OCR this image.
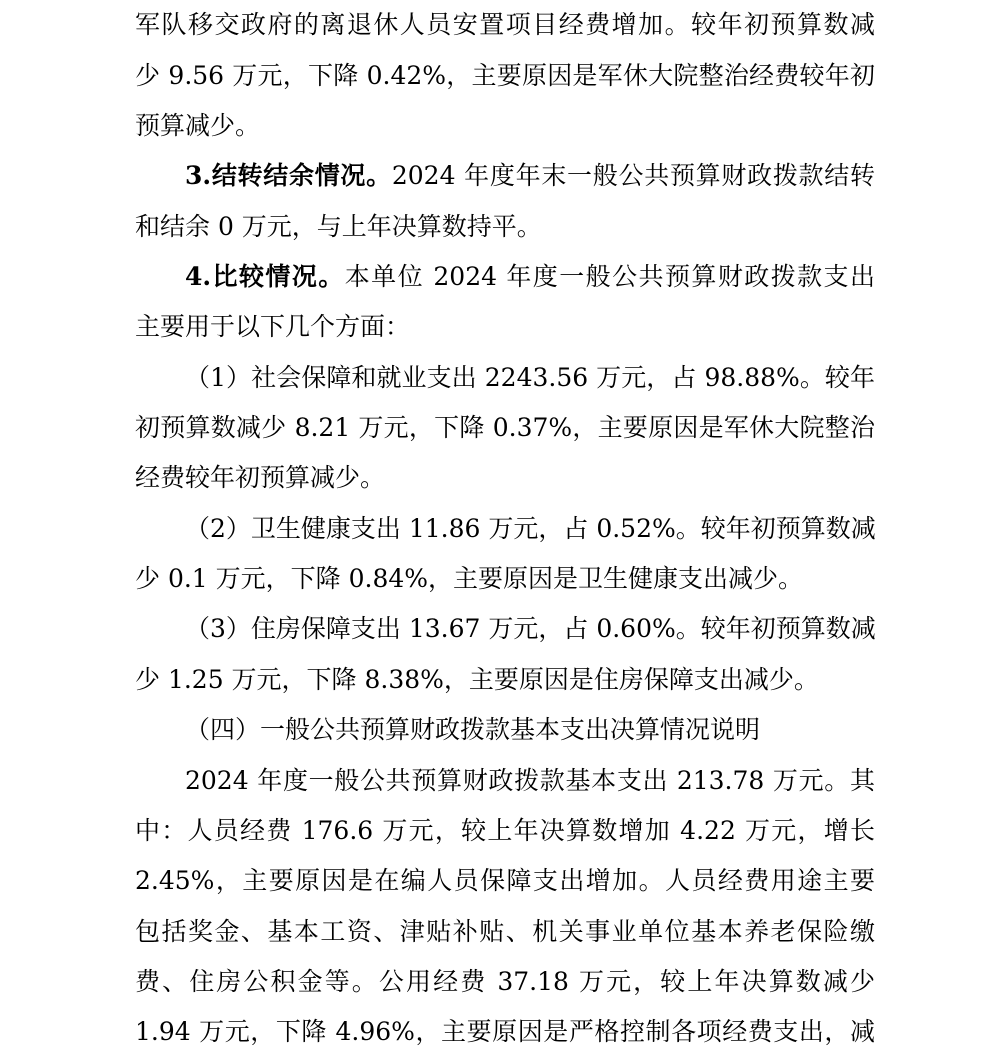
军队移交政府的离退休人员安置项目经费增加。较年初预算数减
少 9.56 万元，下降 0.42%，主要原因是军休大院整治经费较年初
预算减少。
3.结转结余情况。2024 年度年末一般公共预算财政拨款结转
和结余 0 万元，与上年决算数持平。
4.比较情况。本单位 2024 年度一般公共预算财政拨款支出
主要用于以下几个方面：
（1）社会保障和就业支出 2243.56 万元，占 98.88%。较年
初预算数减少 8.21 万元，下降 0.37%，主要原因是军休大院整治
经费较年初预算减少。
（2）卫生健康支出 11.86 万元，占 0.52%。较年初预算数减
少 0.1 万元，下降 0.84%，主要原因是卫生健康支出减少。
（3）住房保障支出 13.67 万元，占 0.60%。较年初预算数减
少 1.25 万元，下降 8.38%，主要原因是住房保障支出减少。
（四）一般公共预算财政拨款基本支出决算情况说明
2024 年度一般公共预算财政拨款基本支出 213.78 万元。其
中：人员经费 176.6 万元，较上年决算数增加 4.22 万元，增长
2.45%，主要原因是在编人员保障支出增加。人员经费用途主要
包括奖金、基本工资、津贴补贴、机关事业单位基本养老保险缴
费、住房公积金等。公用经费 37.18 万元，较上年决算数减少
1.94 万元，下降 4.96%，主要原因是严格控制各项经费支出，减
